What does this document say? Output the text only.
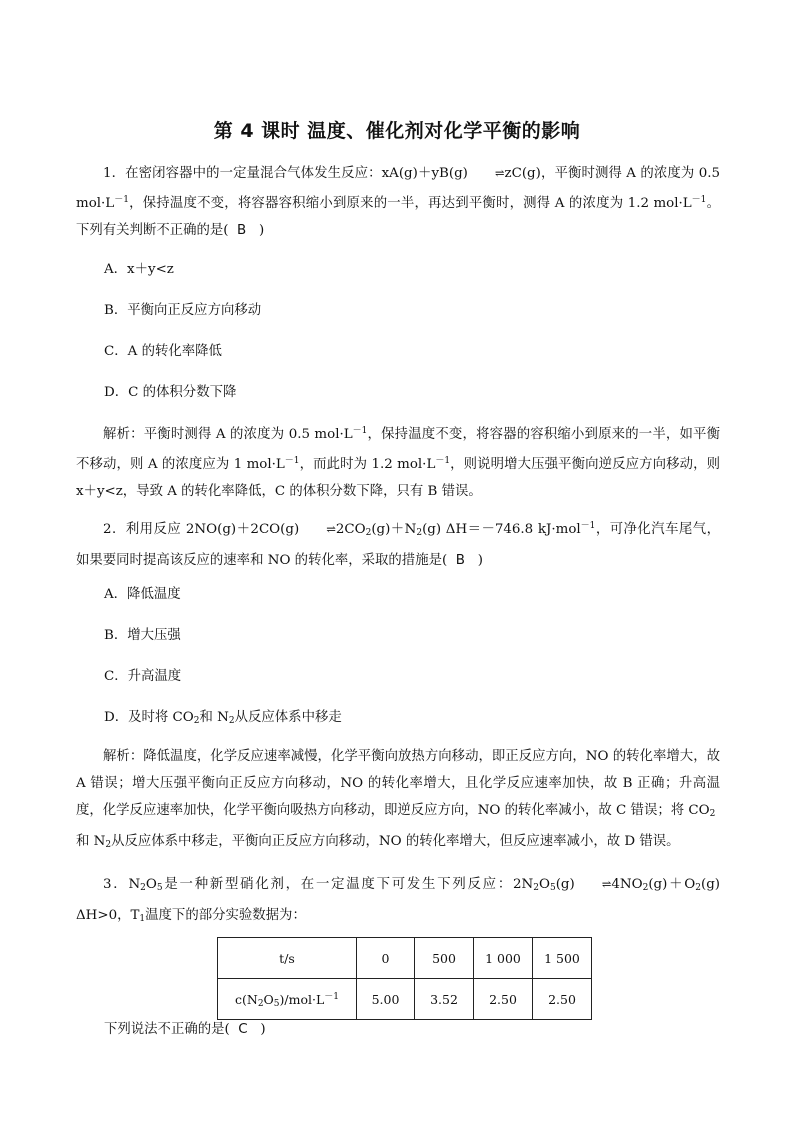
第 4 课时 温度、催化剂对化学平衡的影响
1．在密闭容器中的一定量混合气体发生反应：xA(g)＋yB(g) ⇌zC(g)，平衡时测得 A 的浓度为 0.5 $mol\cdot L^{-1}$，保持温度不变，将容器容积缩小到原来的一半，再达到平衡时，测得 A 的浓度为 1.2 $mol\cdot L^{-1}$。下列有关判断不正确的是( B )
A．x＋y<z
B．平衡向正反应方向移动
C．A 的转化率降低
D．C 的体积分数下降
解析：平衡时测得 A 的浓度为 0.5 $mol\cdot L^{-1}$，保持温度不变，将容器的容积缩小到原来的一半，如平衡不移动，则 A 的浓度应为 1 $mol\cdot L^{-1}$，而此时为 1.2 $mol\cdot L^{-1}$，则说明增大压强平衡向逆反应方向移动，则 x＋y<z，导致 A 的转化率降低，C 的体积分数下降，只有 B 错误。
2．利用反应 2NO(g)＋2CO(g) $\rightleftharpoons 2CO_2(g)+N_2(g)$ ΔH＝－746.8 kJ·mol$^{-1}$，可净化汽车尾气，如果要同时提高该反应的速率和 NO 的转化率，采取的措施是( B )
A．降低温度
B．增大压强
C．升高温度
D．及时将 $CO_2$和 $N_2$从反应体系中移走
解析：降低温度，化学反应速率减慢，化学平衡向放热方向移动，即正反应方向，NO 的转化率增大，故 A 错误；增大压强平衡向正反应方向移动，NO 的转化率增大，且化学反应速率加快，故 B 正确；升高温度，化学反应速率加快，化学平衡向吸热方向移动，即逆反应方向，NO 的转化率减小，故 C 错误；将 $CO_2$
和 $N_2$从反应体系中移走，平衡向正反应方向移动，NO 的转化率增大，但反应速率减小，故 D 错误。
3．$N_2O_5$是一种新型硝化剂，在一定温度下可发生下列反应：$2N_2O_5(g)$ $\rightleftharpoons 4NO_2(g)+O_2(g)$ ΔH>0，$T_1$温度下的部分实验数据为：
t/s	0	500	1 000	1 500
$c(N_2O_5)/mol\cdot L^{-1}$	5.00	3.52	2.50	2.50
下列说法不正确的是( C )
